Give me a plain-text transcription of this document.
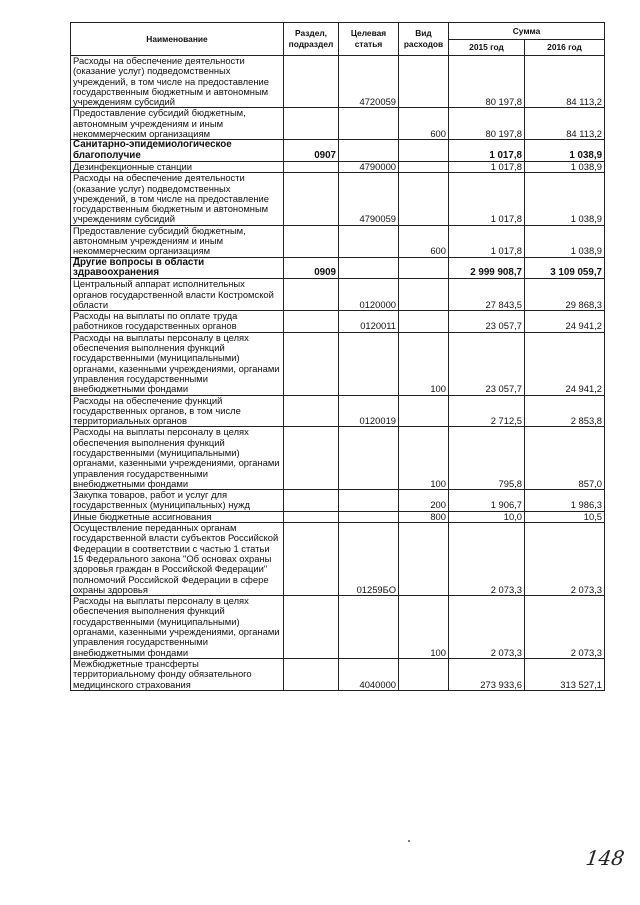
Наименование	Раздел, подраздел	Целевая статья	Вид расходов	Сумма	
				2015 год	2016 год
Расходы на обеспечение деятельности (оказание услуг) подведомственных учреждений, в том числе на предоставление государственным бюджетным и автономным учреждениям субсидий		4720059		80 197,8	84 113,2
Предоставление субсидий бюджетным, автономным учреждениям и иным некоммерческим организациям			600	80 197,8	84 113,2
Санитарно-эпидемиологическое благополучие	0907			1 017,8	1 038,9
Дезинфекционные станции		4790000		1 017,8	1 038,9
Расходы на обеспечение деятельности (оказание услуг) подведомственных учреждений, в том числе на предоставление государственным бюджетным и автономным учреждениям субсидий		4790059		1 017,8	1 038,9
Предоставление субсидий бюджетным, автономным учреждениям и иным некоммерческим организациям			600	1 017,8	1 038,9
Другие вопросы в области здравоохранения	0909			2 999 908,7	3 109 059,7
Центральный аппарат исполнительных органов государственной власти Костромской области		0120000		27 843,5	29 868,3
Расходы на выплаты по оплате труда работников государственных органов		0120011		23 057,7	24 941,2
Расходы на выплаты персоналу в целях обеспечения выполнения функций государственными (муниципальными) органами, казенными учреждениями, органами управления государственными внебюджетными фондами			100	23 057,7	24 941,2
Расходы на обеспечение функций государственных органов, в том числе территориальных органов		0120019		2 712,5	2 853,8
Расходы на выплаты персоналу в целях обеспечения выполнения функций государственными (муниципальными) органами, казенными учреждениями, органами управления государственными внебюджетными фондами			100	795,8	857,0
Закупка товаров, работ и услуг для государственных (муниципальных) нужд			200	1 906,7	1 986,3
Иные бюджетные ассигнования			800	10,0	10,5
Осуществление переданных органам государственной власти субъектов Российской Федерации в соответствии с частью 1 статьи 15 Федерального закона "Об основах охраны здоровья граждан в Российской Федерации" полномочий Российской Федерации в сфере охраны здоровья		01259БО		2 073,3	2 073,3
Расходы на выплаты персоналу в целях обеспечения выполнения функций государственными (муниципальными) органами, казенными учреждениями, органами управления государственными внебюджетными фондами			100	2 073,3	2 073,3
Межбюджетные трансферты территориальному фонду обязательного медицинского страхования		4040000		273 933,6	313 527,1
148
